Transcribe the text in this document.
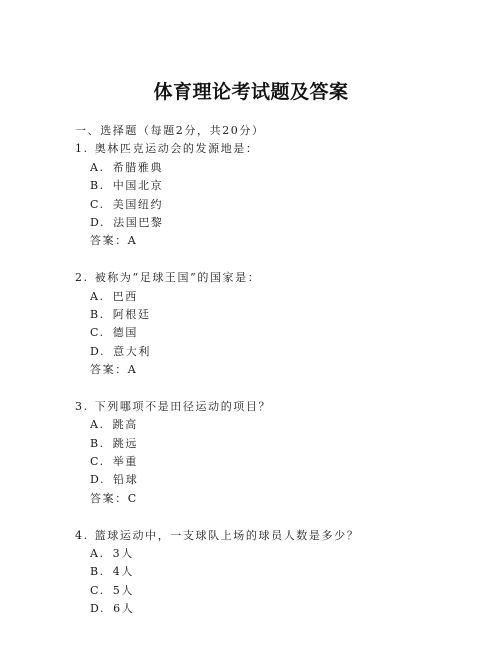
体育理论考试题及答案
一、选择题（每题2分，共20分）
1. 奥林匹克运动会的发源地是：
A. 希腊雅典
B. 中国北京
C. 美国纽约
D. 法国巴黎
答案：A
2. 被称为“足球王国”的国家是：
A. 巴西
B. 阿根廷
C. 德国
D. 意大利
答案：A
3. 下列哪项不是田径运动的项目？
A. 跳高
B. 跳远
C. 举重
D. 铅球
答案：C
4. 篮球运动中，一支球队上场的球员人数是多少？
A. 3人
B. 4人
C. 5人
D. 6人
